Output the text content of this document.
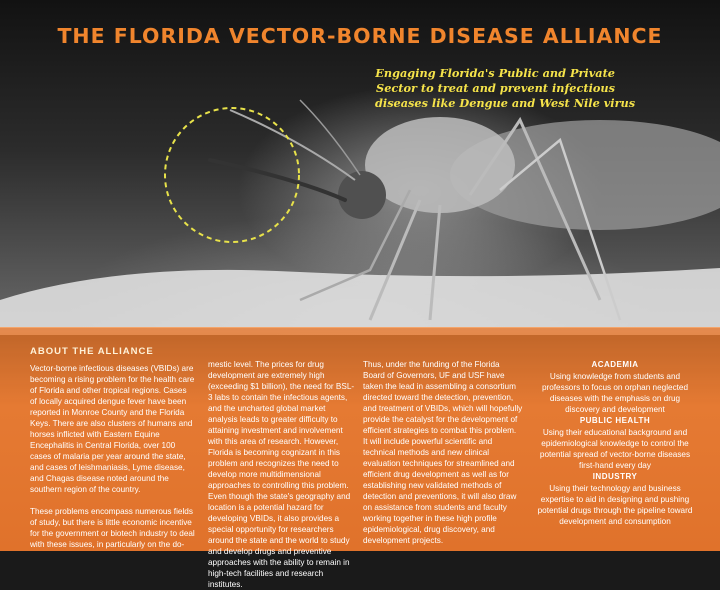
THE FLORIDA VECTOR-BORNE DISEASE ALLIANCE
Engaging Florida's Public and Private
Sector to treat and prevent infectious
diseases like Dengue and West Nile virus
ABOUT THE ALLIANCE

Vector-borne infectious diseases (VBIDs) are becoming a rising problem for the health care of Florida and other tropical regions. Cases of locally acquired dengue fever have been reported in Monroe County and the Florida Keys. There are also clusters of humans and horses inflicted with Eastern Equine Encephalitis in Central Florida, over 100 cases of malaria per year around the state, and cases of leishmaniasis, Lyme disease, and Chagas disease noted around the southern region of the country.

These problems encompass numerous fields of study, but there is little economic incentive for the government or biotech industry to deal with these issues, in particularly on the do-

mestic level. The prices for drug development are extremely high (exceeding $1 billion), the need for BSL-3 labs to contain the infectious agents, and the uncharted global market analysis leads to greater difficulty to attaining investment and involvement with this area of research. However, Florida is becoming cognizant in this problem and recognizes the need to develop more multidimensional approaches to controlling this problem. Even though the state's geography and location is a potential hazard for developing VBIDs, it also provides a special opportunity for researchers around the state and the world to study and develop drugs and preventive approaches with the ability to remain in high-tech facilities and research institutes.

Thus, under the funding of the Florida Board of Governors, UF and USF have taken the lead in assembling a consortium directed toward the detection, prevention, and treatment of VBIDs, which will hopefully provide the catalyst for the development of efficient strategies to combat this problem. It will include powerful scientific and technical methods and new clinical evaluation techniques for streamlined and efficient drug development as well as for establishing new validated methods of detection and preventions, it will also draw on assistance from students and faculty working together in these high profile epidemiological, drug discovery, and development projects.

ACADEMIA

Using knowledge from students and professors to focus on orphan neglected diseases with the emphasis on drug discovery and development

PUBLIC HEALTH

Using their educational background and epidemiological knowledge to control the potential spread of vector-borne diseases first-hand every day

INDUSTRY

Using their technology and business expertise to aid in designing and pushing potential drugs through the pipeline toward development and consumption
